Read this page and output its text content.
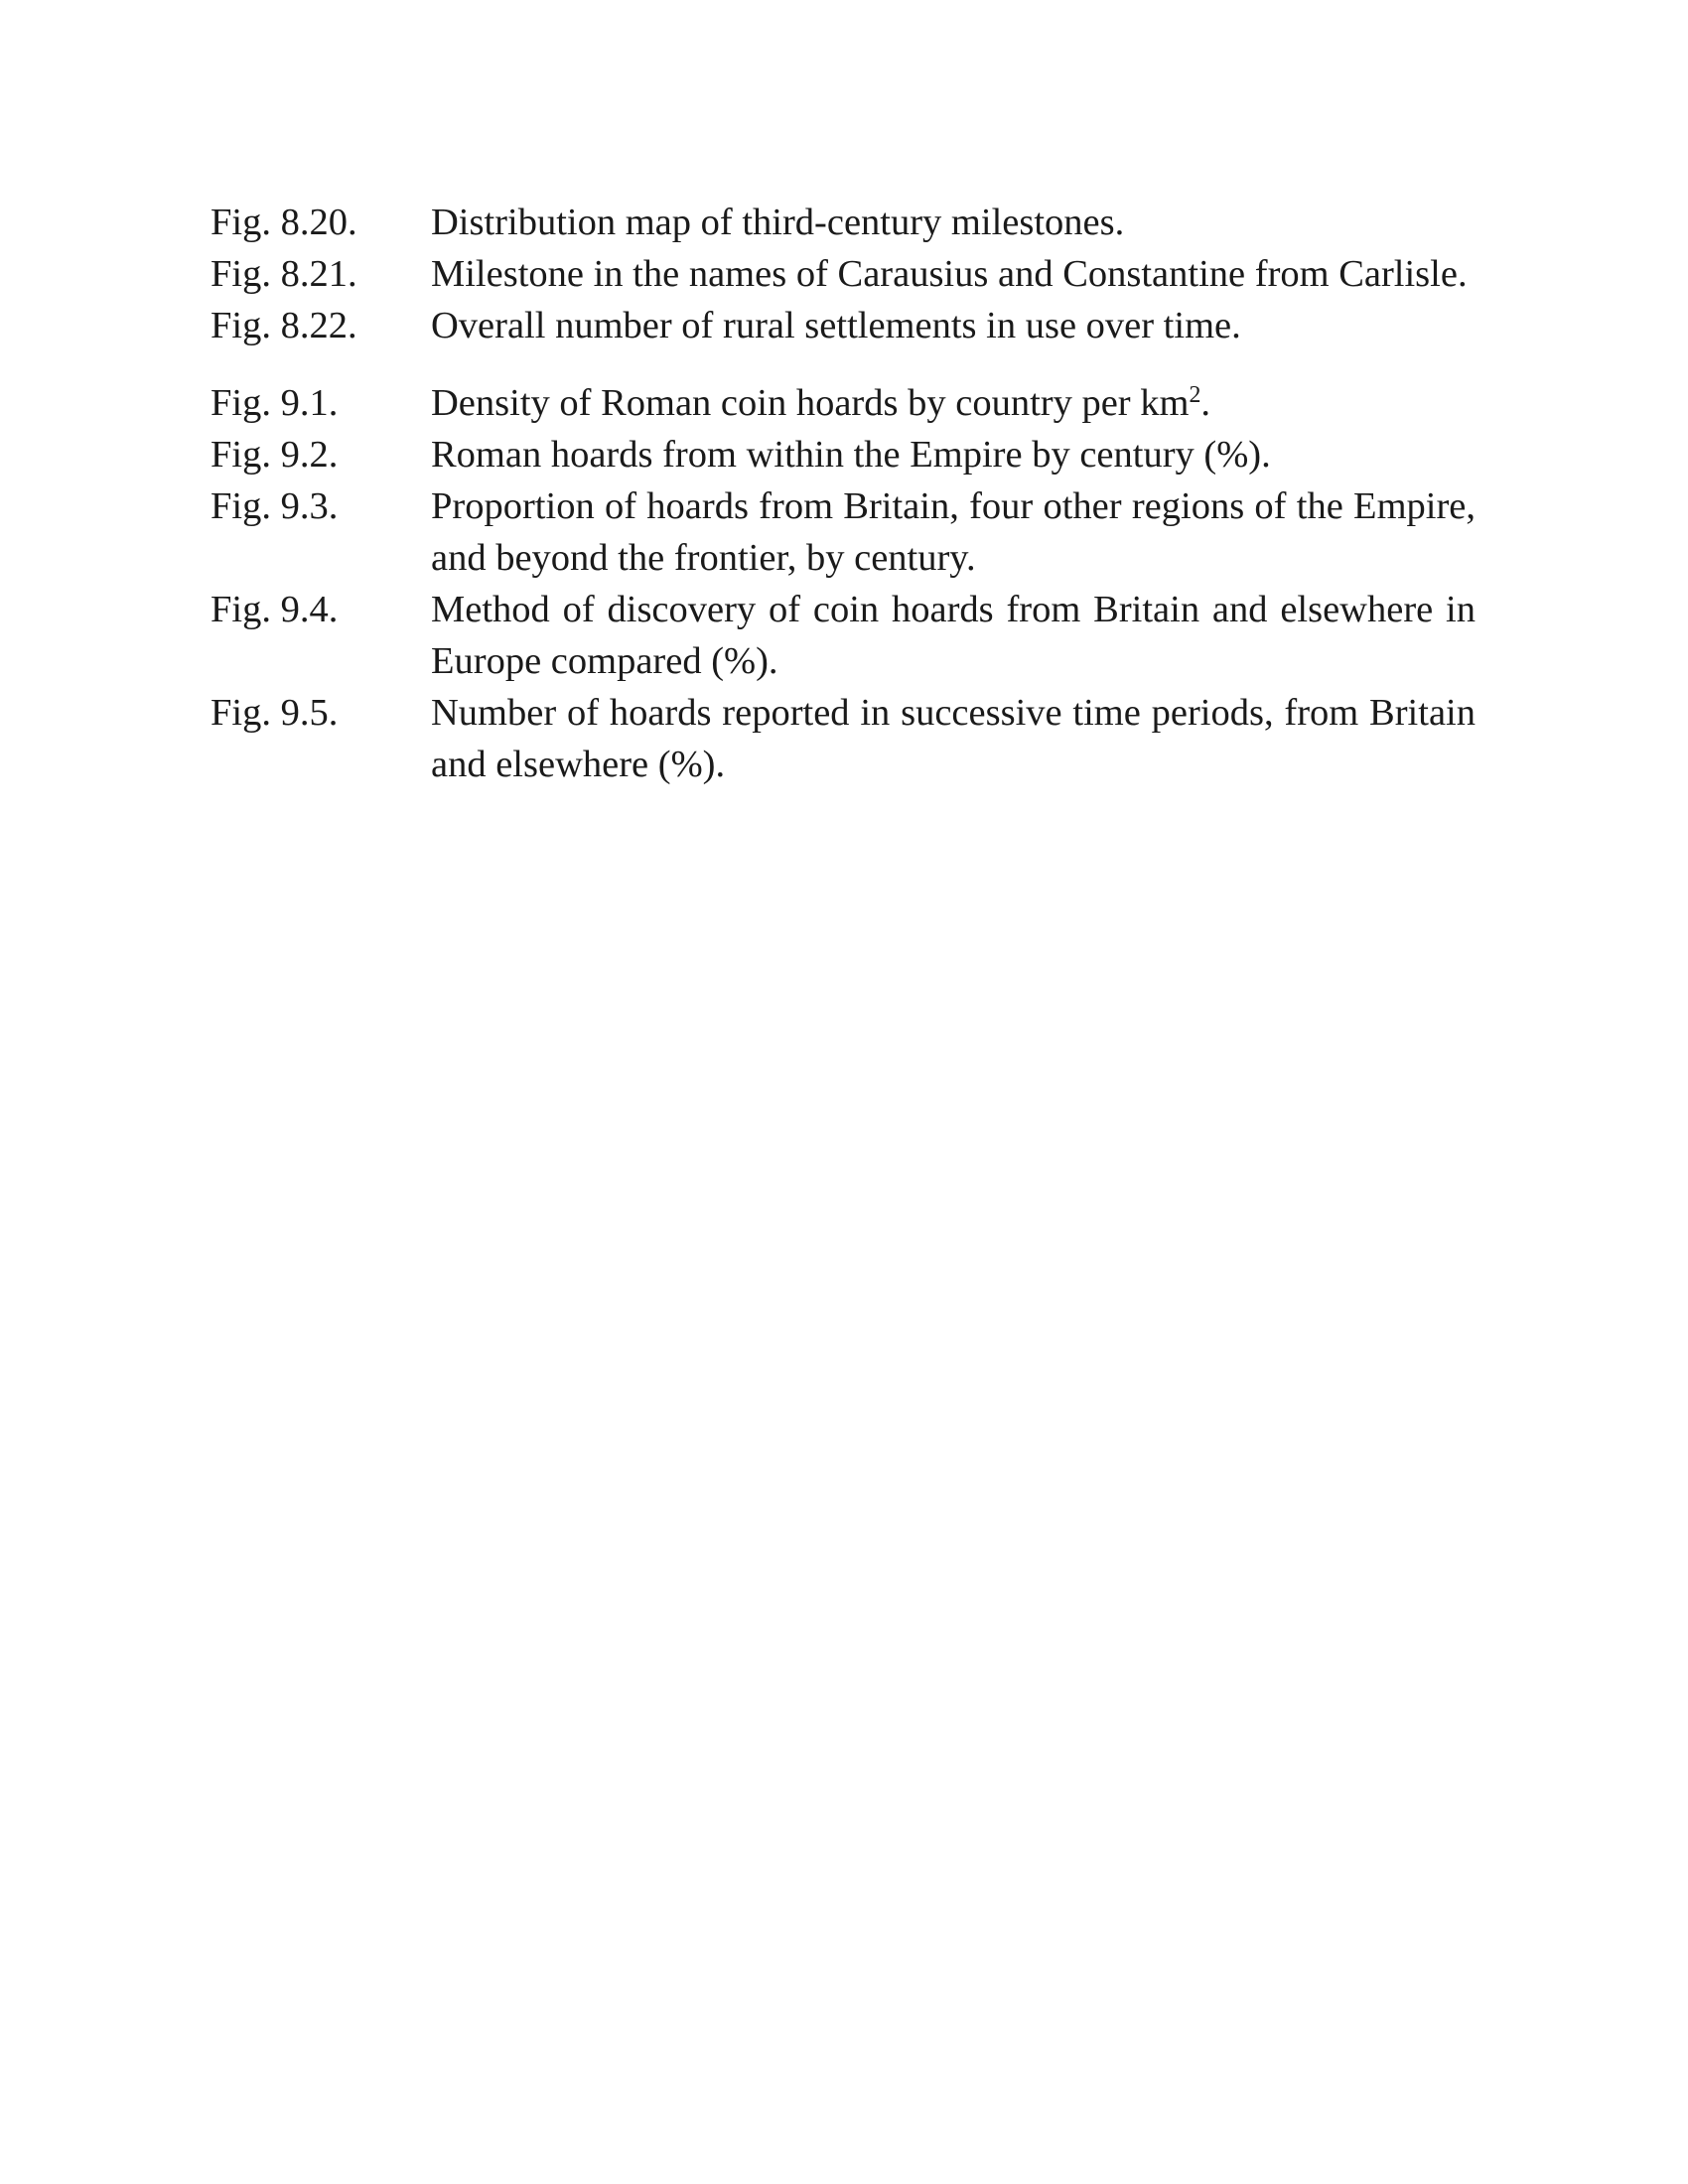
Fig. 8.20.	Distribution map of third-century milestones.
Fig. 8.21.	Milestone in the names of Carausius and Constantine from Carlisle.
Fig. 8.22.	Overall number of rural settlements in use over time.
Fig. 9.1.	Density of Roman coin hoards by country per $km^2$.
Fig. 9.2.	Roman hoards from within the Empire by century (%).
Fig. 9.3.	Proportion of hoards from Britain, four other regions of the Empire, and beyond the frontier, by century.
Fig. 9.4.	Method of discovery of coin hoards from Britain and elsewhere in Europe compared (%).
Fig. 9.5.	Number of hoards reported in successive time periods, from Britain and elsewhere (%).
